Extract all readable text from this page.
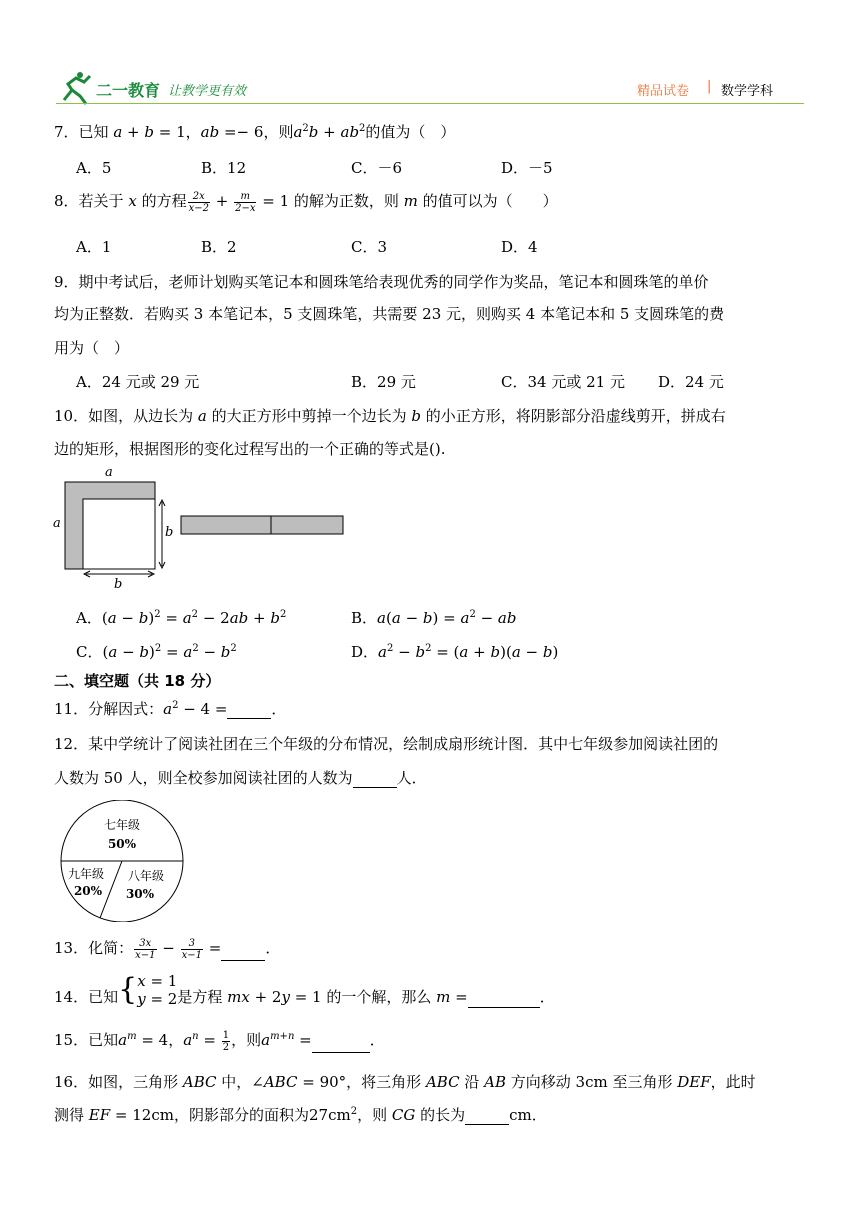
二一教育 让教学更有效	精品试卷 | 数学学科
7．已知 a + b = 1，ab =− 6，则$a^2b + ab^2$的值为（　）
A．5	B．12	C．－6	D．－5
8．若关于 x 的方程 $\frac{2x}{x-2} + \frac{m}{2-x} = 1$ 的解为正数，则 m 的值可以为（　　）
A．1	B．2	C．3	D．4
9．期中考试后，老师计划购买笔记本和圆珠笔给表现优秀的同学作为奖品，笔记本和圆珠笔的单价
均为正整数．若购买 3 本笔记本，5 支圆珠笔，共需要 23 元，则购买 4 本笔记本和 5 支圆珠笔的费
用为（　）
A．24 元或 29 元	B．29 元	C．34 元或 21 元 D．24 元
10．如图，从边长为 a 的大正方形中剪掉一个边长为 b 的小正方形，将阴影部分沿虚线剪开，拼成右
边的矩形，根据图形的变化过程写出的一个正确的等式是().
a
a
b
b
A．$(a - b)^2 = a^2 - 2ab + b^2$	B．$a(a - b) = a^2$ − ab
C．$(a - b)^2 = a^2 - b^2$	D．$a^2 - b^2 = (a + b)(a - b)$
二、填空题（共 18 分）
11．分解因式：$a^2 - 4$ =	．
12．某中学统计了阅读社团在三个年级的分布情况，绘制成扇形统计图．其中七年级参加阅读社团的
人数为 50 人，则全校参加阅读社团的人数为	人．
七年级
50%
八年级
30%
九年级
20%
13．化简： $\frac{3x}{x-1} - \frac{3}{x-1}$ =	．
14．已知{x = 1
y = 2是方程 mx + 2y = 1 的一个解，那么 m =	．
15．已知$a^m = 4$，$a^n = \frac{1}{2}$ ，则$a^{m+n}$ =	．
16．如图，三角形 ABC 中，∠ABC = 90°，将三角形 ABC 沿 AB 方向移动 3cm 至三角形 DEF，此时
测得 EF = 12cm，阴影部分的面积为$27cm^2$，则 CG 的长为	cm．
